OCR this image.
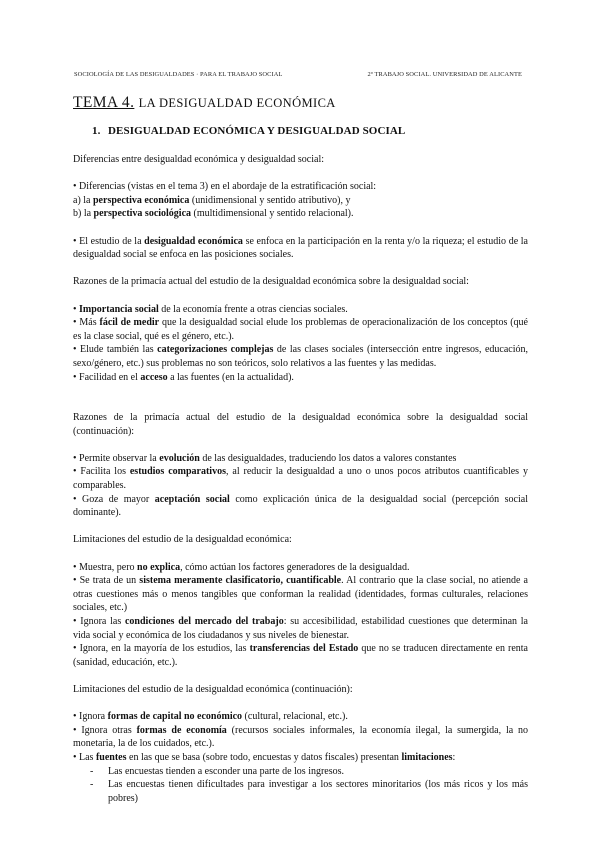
SOCIOLOGÍA DE LAS DESIGUALDADES · PARA EL TRABAJO SOCIAL	2º TRABAJO SOCIAL. UNIVERSIDAD DE ALICANTE
TEMA 4. LA DESIGUALDAD ECONÓMICA
1. DESIGUALDAD ECONÓMICA Y DESIGUALDAD SOCIAL

Diferencias entre desigualdad económica y desigualdad social:

• Diferencias (vistas en el tema 3) en el abordaje de la estratificación social:

a) la perspectiva económica (unidimensional y sentido atributivo), y

b) la perspectiva sociológica (multidimensional y sentido relacional).

• El estudio de la desigualdad económica se enfoca en la participación en la renta y/o la riqueza; el estudio de la desigualdad social se enfoca en las posiciones sociales.

Razones de la primacía actual del estudio de la desigualdad económica sobre la desigualdad social:

• Importancia social de la economía frente a otras ciencias sociales.

• Más fácil de medir que la desigualdad social elude los problemas de operacionalización de los conceptos (qué es la clase social, qué es el género, etc.).

• Elude también las categorizaciones complejas de las clases sociales (intersección entre ingresos, educación, sexo/género, etc.) sus problemas no son teóricos, solo relativos a las fuentes y las medidas.

• Facilidad en el acceso a las fuentes (en la actualidad).

Razones de la primacía actual del estudio de la desigualdad económica sobre la desigualdad social (continuación):

• Permite observar la evolución de las desigualdades, traduciendo los datos a valores constantes

• Facilita los estudios comparativos, al reducir la desigualdad a uno o unos pocos atributos cuantificables y comparables.

• Goza de mayor aceptación social como explicación única de la desigualdad social (percepción social dominante).

Limitaciones del estudio de la desigualdad económica:

• Muestra, pero no explica, cómo actúan los factores generadores de la desigualdad.

• Se trata de un sistema meramente clasificatorio, cuantificable. Al contrario que la clase social, no atiende a otras cuestiones más o menos tangibles que conforman la realidad (identidades, formas culturales, relaciones sociales, etc.)

• Ignora las condiciones del mercado del trabajo: su accesibilidad, estabilidad cuestiones que determinan la vida social y económica de los ciudadanos y sus niveles de bienestar.

• Ignora, en la mayoría de los estudios, las transferencias del Estado que no se traducen directamente en renta (sanidad, educación, etc.).

Limitaciones del estudio de la desigualdad económica (continuación):

• Ignora formas de capital no económico (cultural, relacional, etc.).

• Ignora otras formas de economía (recursos sociales informales, la economía ilegal, la sumergida, la no monetaria, la de los cuidados, etc.).

• Las fuentes en las que se basa (sobre todo, encuestas y datos fiscales) presentan limitaciones:

- Las encuestas tienden a esconder una parte de los ingresos.

- Las encuestas tienen dificultades para investigar a los sectores minoritarios (los más ricos y los más pobres)
